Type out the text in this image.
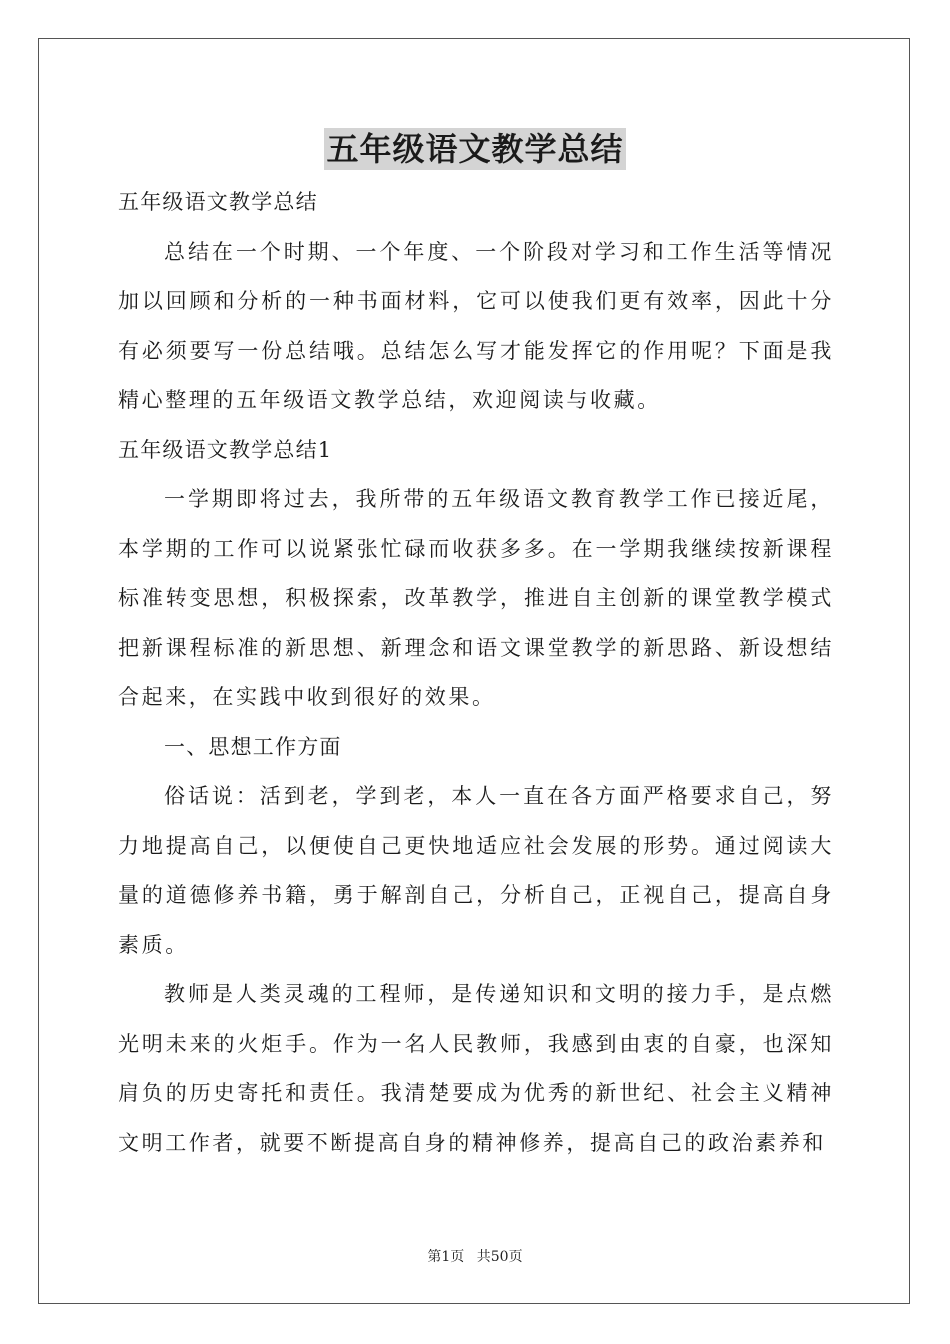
五年级语文教学总结

五年级语文教学总结

总结在一个时期、一个年度、一个阶段对学习和工作生活等情况加以回顾和分析的一种书面材料，它可以使我们更有效率，因此十分有必须要写一份总结哦。总结怎么写才能发挥它的作用呢？下面是我精心整理的五年级语文教学总结，欢迎阅读与收藏。

五年级语文教学总结1

一学期即将过去，我所带的五年级语文教育教学工作已接近尾，本学期的工作可以说紧张忙碌而收获多多。在一学期我继续按新课程标准转变思想，积极探索，改革教学，推进自主创新的课堂教学模式把新课程标准的新思想、新理念和语文课堂教学的新思路、新设想结合起来，在实践中收到很好的效果。

一、思想工作方面

俗话说：活到老，学到老，本人一直在各方面严格要求自己，努力地提高自己，以便使自己更快地适应社会发展的形势。通过阅读大量的道德修养书籍，勇于解剖自己，分析自己，正视自己，提高自身素质。

教师是人类灵魂的工程师，是传递知识和文明的接力手，是点燃光明未来的火炬手。作为一名人民教师，我感到由衷的自豪，也深知肩负的历史寄托和责任。我清楚要成为优秀的新世纪、社会主义精神文明工作者，就要不断提高自身的精神修养，提高自己的政治素养和

第1页 共50页
